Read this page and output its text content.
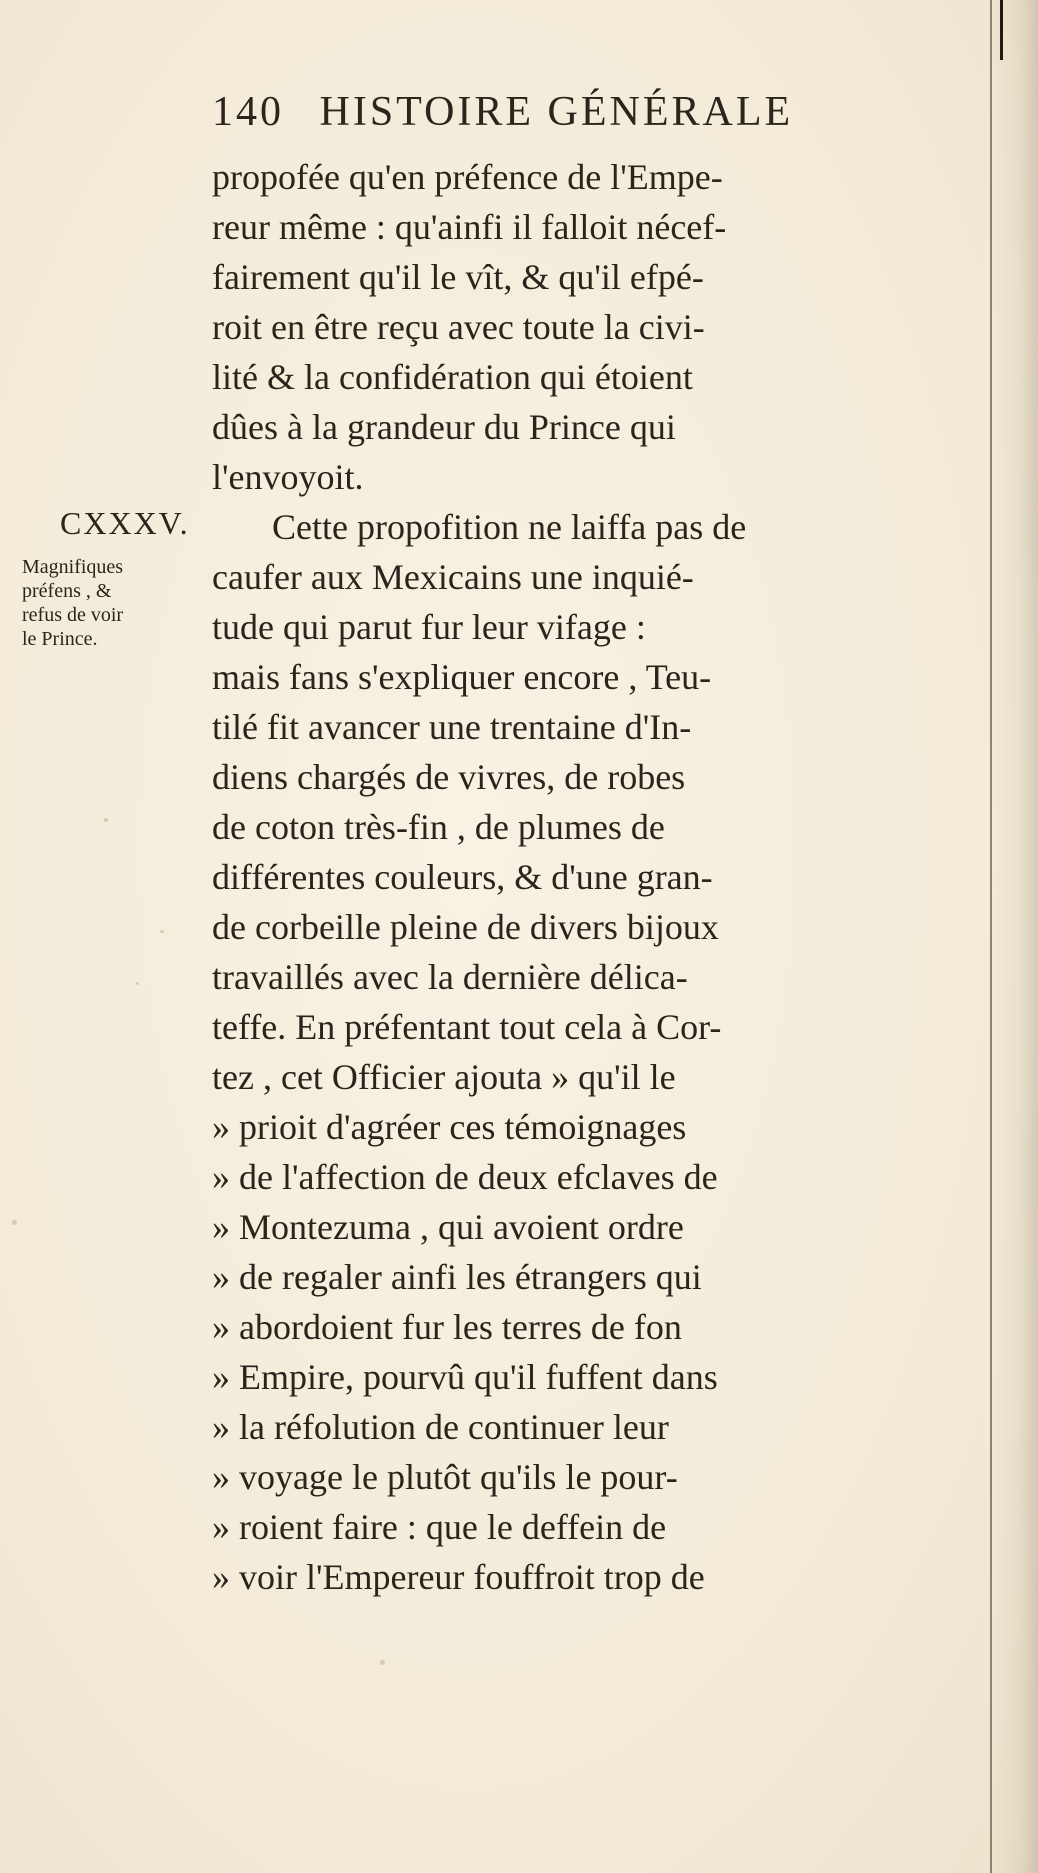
140 HISTOIRE GÉNÉRALE
propofée qu'en préfence de l'Empe-
reur même : qu'ainfi il falloit nécef-
fairement qu'il le vît, & qu'il efpé-
roit en être reçu avec toute la civi-
lité & la confidération qui étoient
dûes à la grandeur du Prince qui
l'envoyoit.
Cette propofition ne laiffa pas de
caufer aux Mexicains une inquié-
tude qui parut fur leur vifage :
mais fans s'expliquer encore , Teu-
tilé fit avancer une trentaine d'In-
diens chargés de vivres, de robes
de coton très-fin , de plumes de
différentes couleurs, & d'une gran-
de corbeille pleine de divers bijoux
travaillés avec la dernière délica-
teffe. En préfentant tout cela à Cor-
tez , cet Officier ajouta » qu'il le
» prioit d'agréer ces témoignages
» de l'affection de deux efclaves de
» Montezuma , qui avoient ordre
» de regaler ainfi les étrangers qui
» abordoient fur les terres de fon
» Empire, pourvû qu'il fuffent dans
» la réfolution de continuer leur
» voyage le plutôt qu'ils le pour-
» roient faire : que le deffein de
» voir l'Empereur fouffroit trop de
CXXXV.
Magnifiques
préfens , &
refus de voir
le Prince.
